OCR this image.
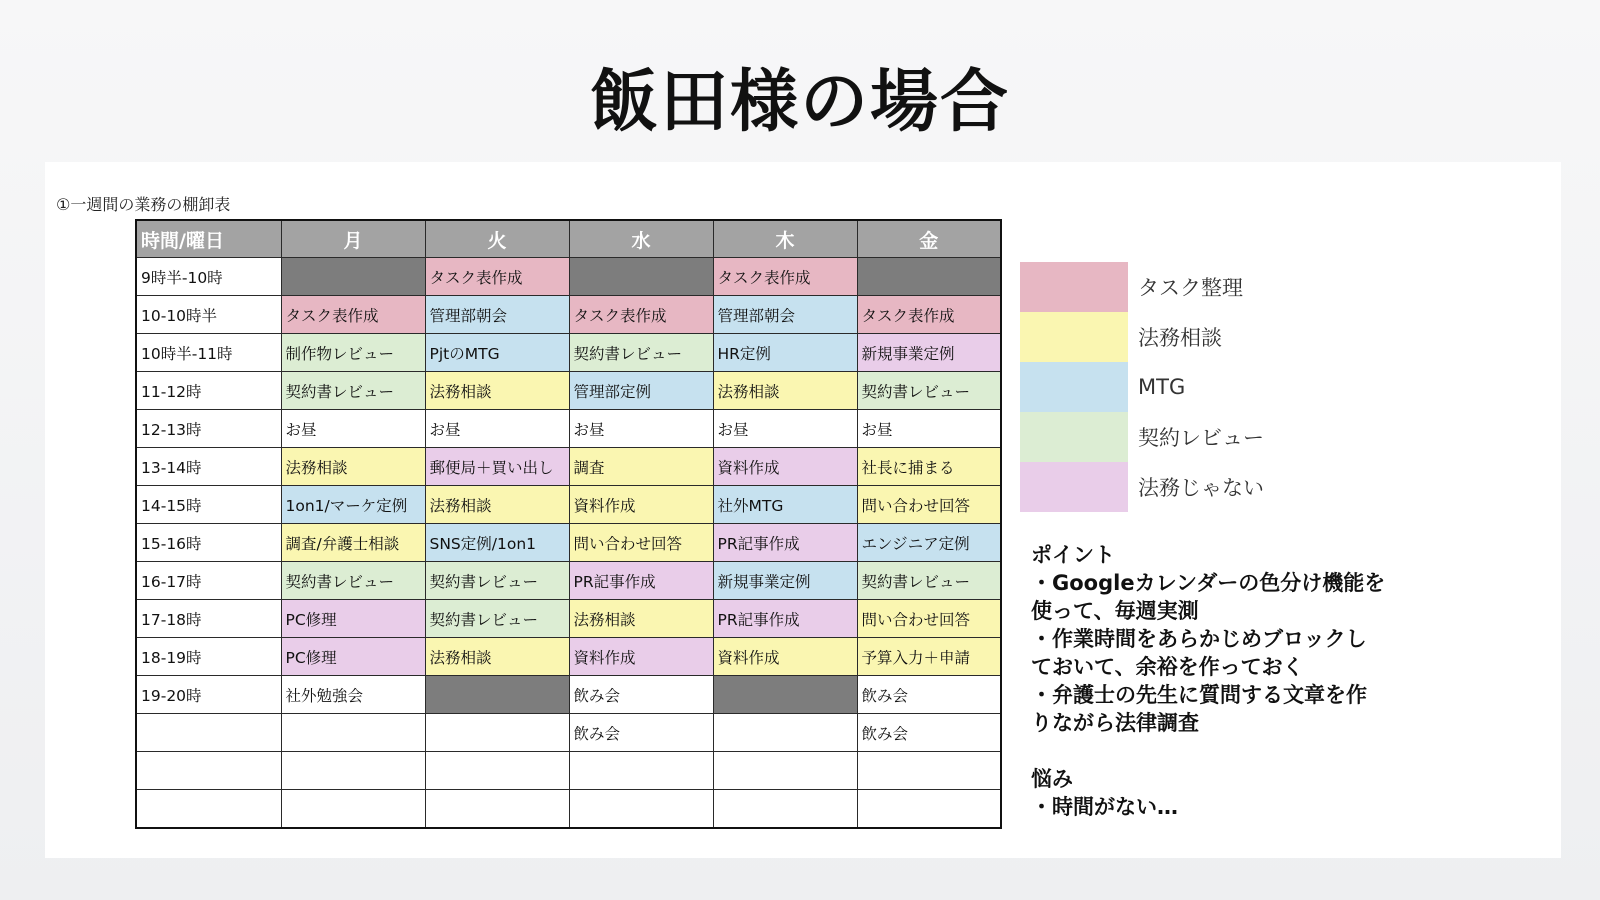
飯田様の場合
①一週間の業務の棚卸表
時間/曜日	月	火	水	木	金
9時半-10時		タスク表作成		タスク表作成	
10-10時半	タスク表作成	管理部朝会	タスク表作成	管理部朝会	タスク表作成
10時半-11時	制作物レビュー	PjtのMTG	契約書レビュー	HR定例	新規事業定例
11-12時	契約書レビュー	法務相談	管理部定例	法務相談	契約書レビュー
12-13時	お昼	お昼	お昼	お昼	お昼
13-14時	法務相談	郵便局＋買い出し	調査	資料作成	社長に捕まる
14-15時	1on1/マーケ定例	法務相談	資料作成	社外MTG	問い合わせ回答
15-16時	調査/弁護士相談	SNS定例/1on1	問い合わせ回答	PR記事作成	エンジニア定例
16-17時	契約書レビュー	契約書レビュー	PR記事作成	新規事業定例	契約書レビュー
17-18時	PC修理	契約書レビュー	法務相談	PR記事作成	問い合わせ回答
18-19時	PC修理	法務相談	資料作成	資料作成	予算入力＋申請
19-20時	社外勉強会		飲み会		飲み会
			飲み会		飲み会

タスク整理
法務相談
MTG
契約レビュー
法務じゃない
ポイント
・Googleカレンダーの色分け機能を
使って、毎週実測
・作業時間をあらかじめブロックし
ておいて、余裕を作っておく
・弁護士の先生に質問する文章を作
りながら法律調査
悩み
・時間がない…
